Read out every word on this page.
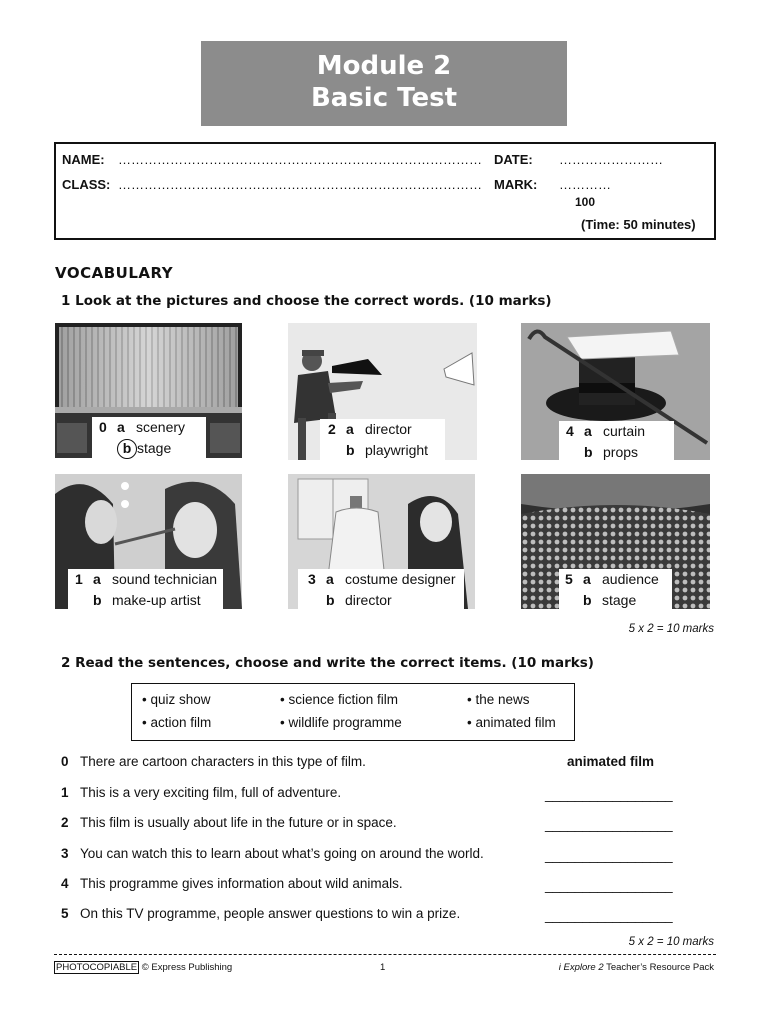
Module 2
Basic Test
NAME: ………………………………………………………………………… DATE: ……………………
CLASS: ………………………………………………………………………… MARK: …………
100
(Time: 50 minutes)
VOCABULARY
1 Look at the pictures and choose the correct words. (10 marks)
0 a scenery
b stage
2 a director
b playwright
4 a curtain
b props
1 a sound technician
b make-up artist
3 a costume designer
b director
5 a audience
b stage
5 x 2 = 10 marks
2 Read the sentences, choose and write the correct items. (10 marks)
• quiz show	• science fiction film	• the news
• action film	• wildlife programme	• animated film
0 There are cartoon characters in this type of film.	animated film
1 This is a very exciting film, full of adventure.	_________________
2 This film is usually about life in the future or in space.	_________________
3 You can watch this to learn about what’s going on around the world.	_________________
4 This programme gives information about wild animals.	_________________
5 On this TV programme, people answer questions to win a prize.	_________________
5 x 2 = 10 marks
PHOTOCOPIABLE © Express Publishing	1	i Explore 2 Teacher’s Resource Pack
